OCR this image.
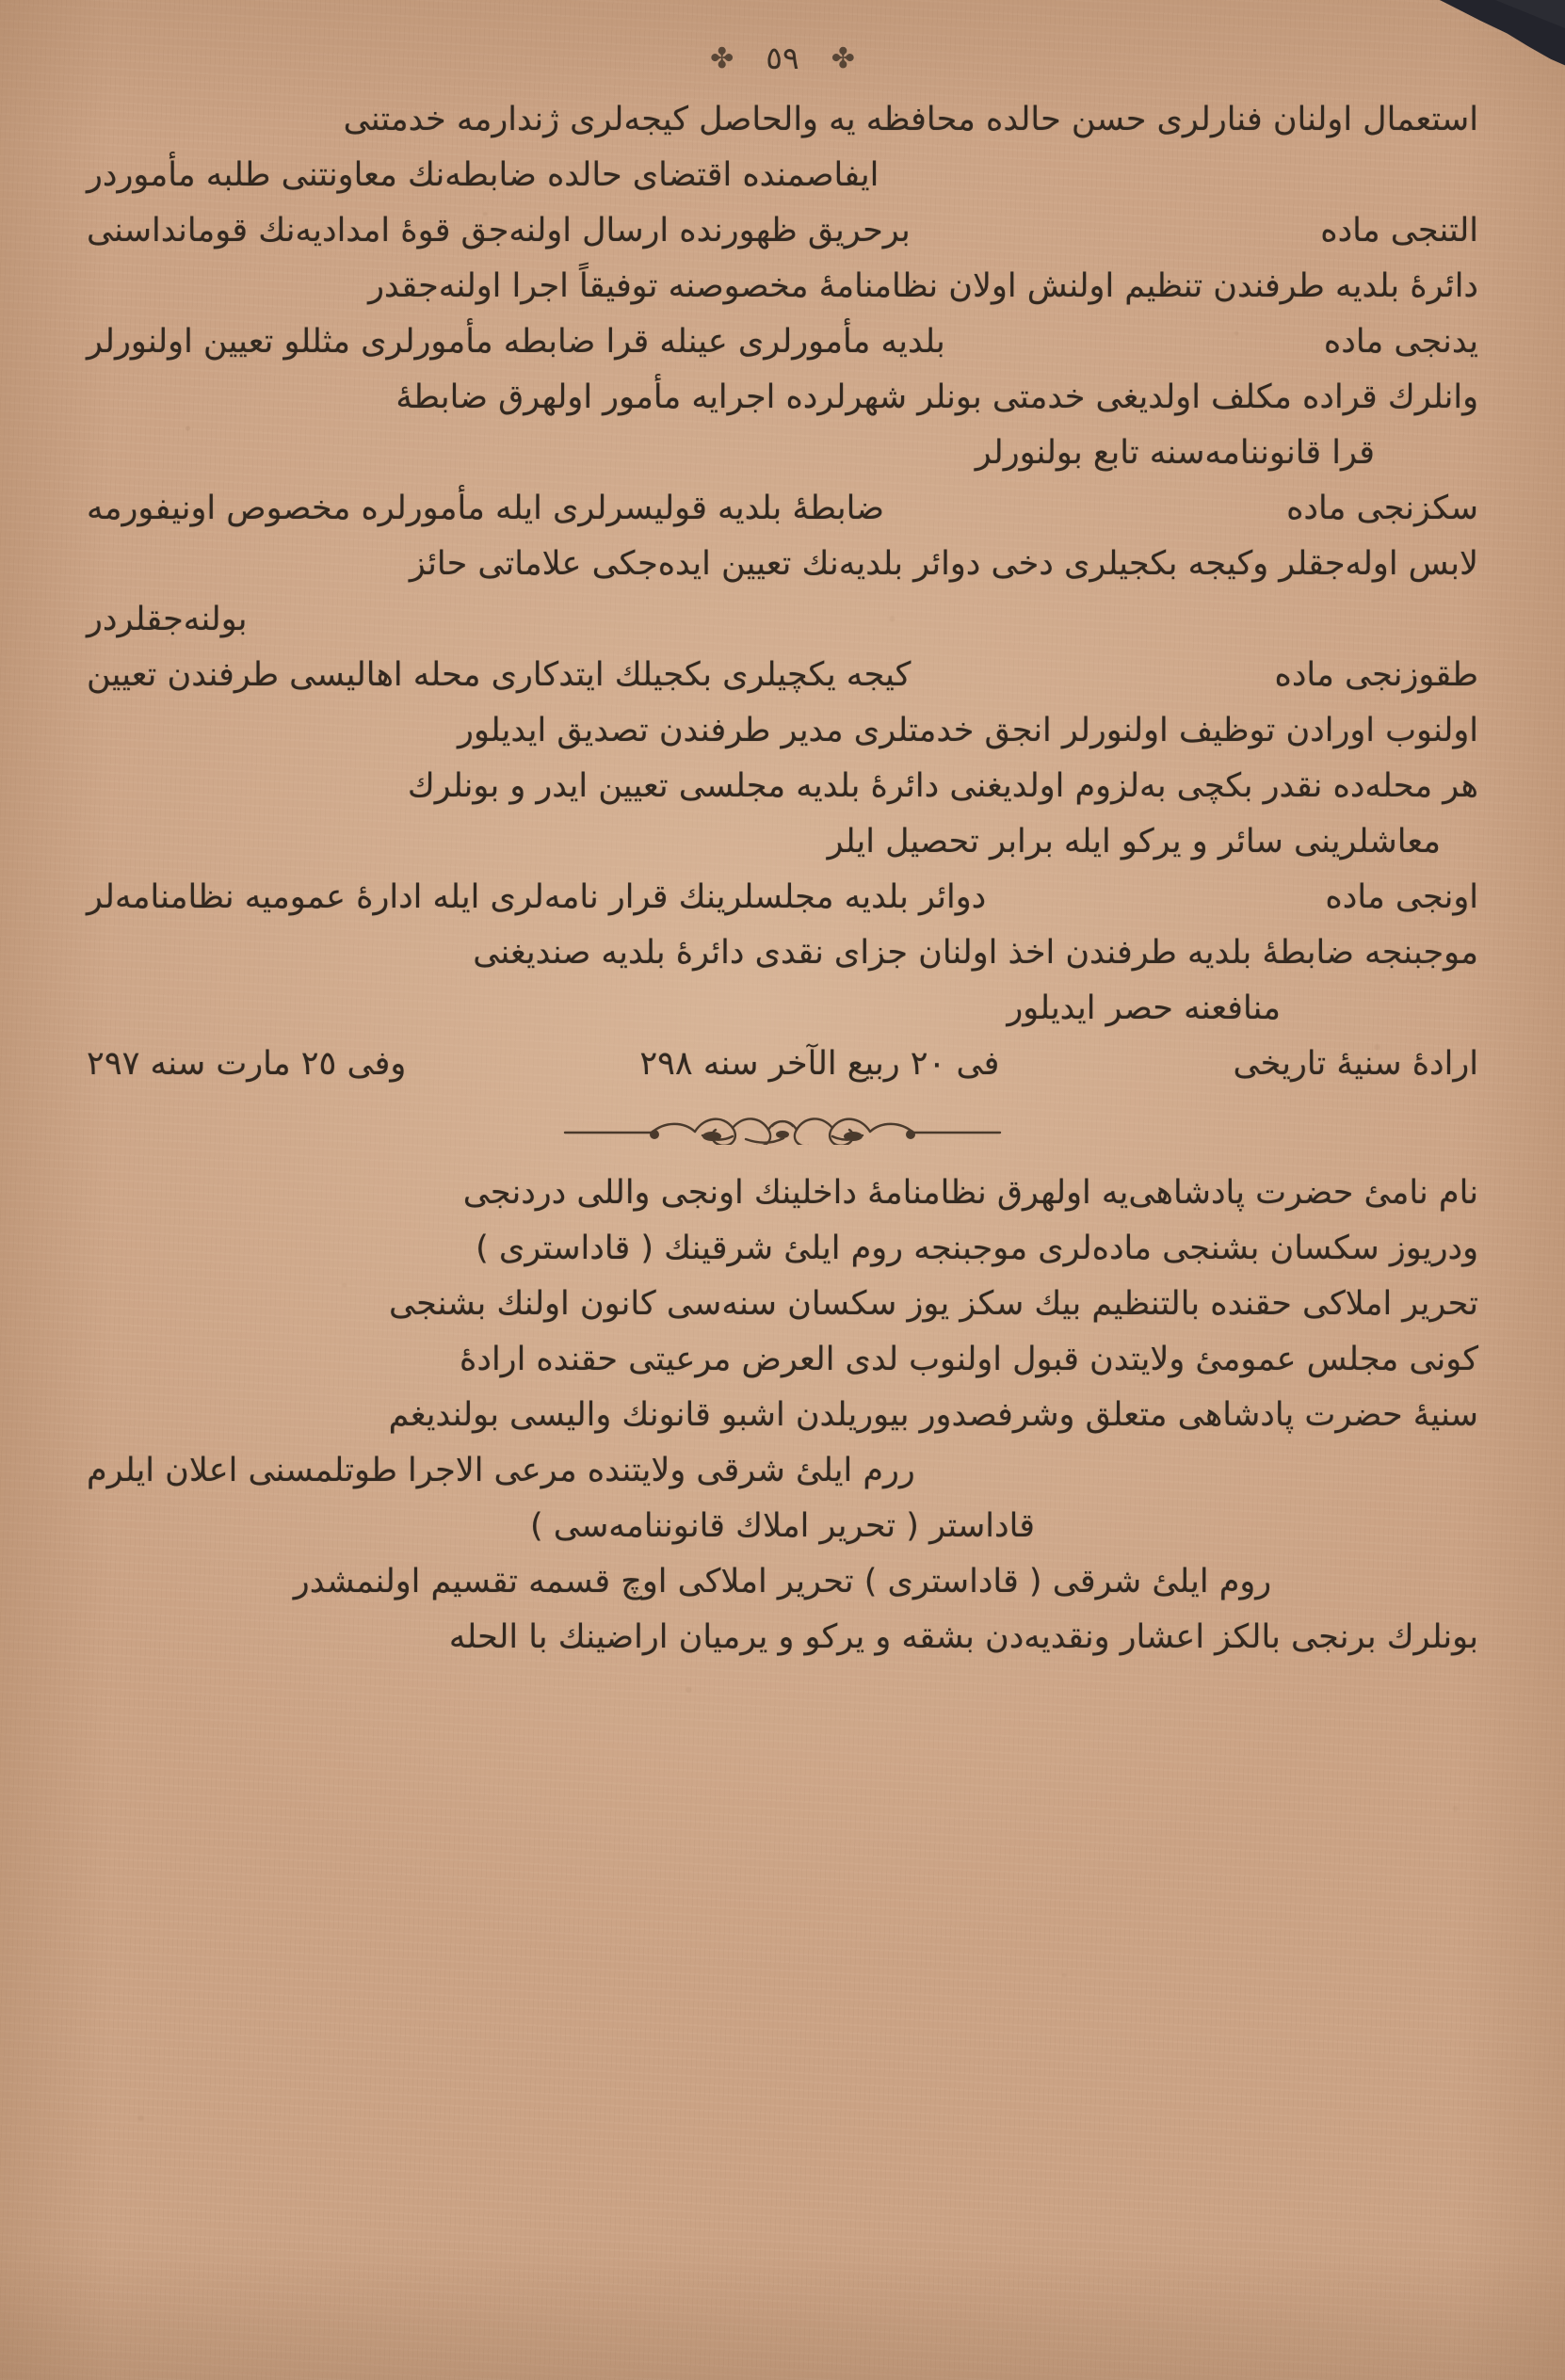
✤
٥٩
✤
استعمال اولنان فنارلری حسن حالده محافظه یه والحاصل کیجه‌لری ژندارمه خدمتنی
ایفاصمنده اقتضای حالده ضابطه‌نك معاونتنی طلبه مأموردر
التنجی ماده
برحریق ظهورنده ارسال اولنه‌جق قوهٔ امدادیه‌نك قومانداسنی
دائرهٔ بلدیه طرفندن تنظیم اولنش اولان نظامنامهٔ مخصوصنه توفیقاً اجرا اولنه‌جقدر
یدنجی ماده
بلدیه مأمورلری عینله قرا ضابطه مأمورلری مثللو تعیین اولنورلر
وانلرك قراده مكلف اولدیغی خدمتی بونلر شهرلرده اجرایه مأمور اولهرق ضابطهٔ
قرا قانوننامه‌سنه تابع بولنورلر
سكزنجی ماده
ضابطهٔ بلدیه قولیسرلری ایله مأمورلره مخصوص اونیفورمه
لابس اوله‌جقلر وكیجه بكجیلری دخی دوائر بلدیه‌نك تعیین ایده‌جكی علاماتی حائز
بولنه‌جقلردر
طقوزنجی ماده
كیجه یكچیلری بكجیلك ایتدكاری محله اهالیسی طرفندن تعیین
اولنوب اورادن توظیف اولنورلر انجق خدمتلری مدیر طرفندن تصدیق ایدیلور
هر محله‌ده نقدر بكچی به‌لزوم اولدیغنی دائرهٔ بلدیه مجلسی تعیین ایدر و بونلرك
معاشلرینی سائر و یركو ایله برابر تحصیل ایلر
اونجی ماده
دوائر بلدیه مجلسلرینك قرار نامه‌لری ایله ادارهٔ عمومیه نظامنامه‌لر
موجبنجه ضابطهٔ بلدیه طرفندن اخذ اولنان جزای نقدی دائرهٔ بلدیه صندیغنی
منافعنه حصر ایدیلور
ارادهٔ سنیهٔ تاریخی
فی ٢٠ ربیع الآخر سنه ٢٩٨
وفی ٢٥ مارت سنه ٢٩٧
نام نامیٔ حضرت پادشاهی‌یه اولهرق نظامنامهٔ داخلینك اونجی واللی دردنجی
ودریوز سكسان بشنجی ماده‌لری موجبنجه روم ایلیٔ شرقینك ( قاداسترى )
تحریر املاكی حقنده بالتنظیم بیك سكز یوز سكسان سنه‌سی كانون اولنك بشنجی
كونی مجلس عمومیٔ ولایتدن قبول اولنوب لدی العرض مرعیتی حقنده ارادهٔ
سنیهٔ حضرت پادشاهی متعلق وشرفصدور بیوریلدن اشبو قانونك والیسی بولندیغم
ررم ایلیٔ شرقی ولایتنده مرعی الاجرا طوتلمسنی اعلان ایلرم
قاداستر ( تحریر املاك قانوننامه‌سی )
روم ایلیٔ شرقی ( قاداسترى ) تحریر املاكی اوچ قسمه تقسیم اولنمشدر
بونلرك برنجی بالكز اعشار ونقدیه‌دن بشقه و یركو و یرمیان اراضینك با الحله
